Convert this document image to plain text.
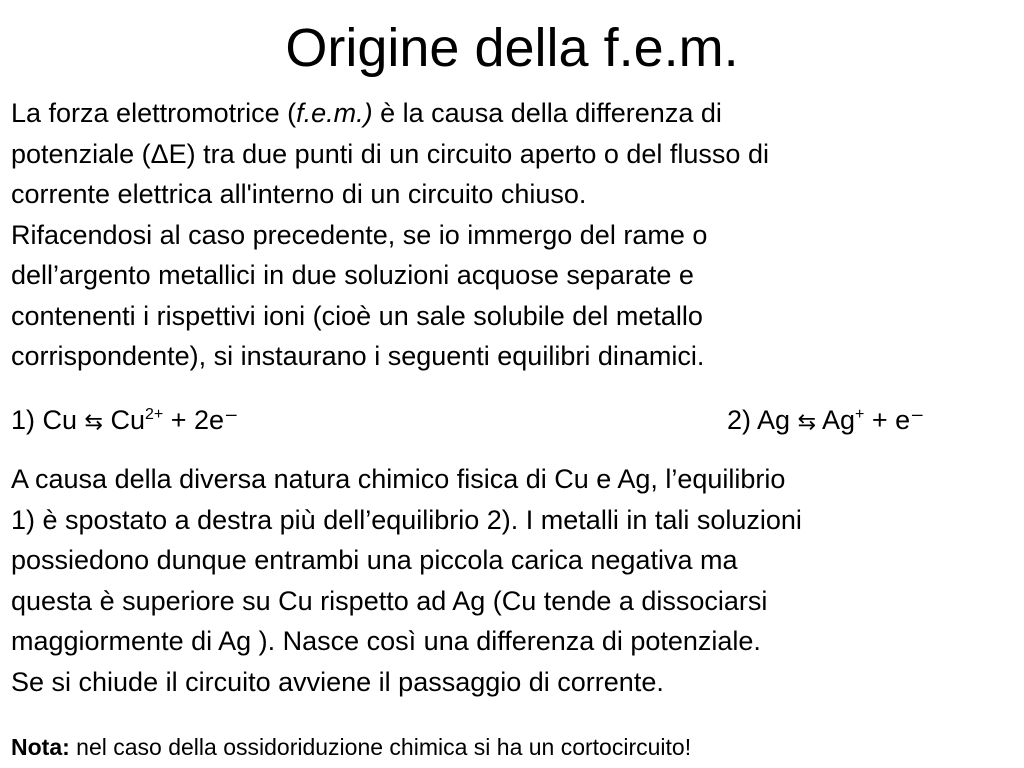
Origine della f.e.m.
La forza elettromotrice (f.e.m.) è la causa della differenza di
potenziale (ΔE) tra due punti di un circuito aperto o del flusso di
corrente elettrica all'interno di un circuito chiuso.
Rifacendosi al caso precedente, se io immergo del rame o
dell’argento metallici in due soluzioni acquose separate e
contenenti i rispettivi ioni (cioè un sale solubile del metallo
corrispondente), si instaurano i seguenti equilibri dinamici.
1) Cu ⇆ $Cu^{2+} + 2e^-$	2) Ag ⇆ Ag+ + e⁻
A causa della diversa natura chimico fisica di Cu e Ag, l’equilibrio
1) è spostato a destra più dell’equilibrio 2). I metalli in tali soluzioni
possiedono dunque entrambi una piccola carica negativa ma
questa è superiore su Cu rispetto ad Ag (Cu tende a dissociarsi
maggiormente di Ag ). Nasce così una differenza di potenziale.
Se si chiude il circuito avviene il passaggio di corrente.
Nota: nel caso della ossidoriduzione chimica si ha un cortocircuito!
